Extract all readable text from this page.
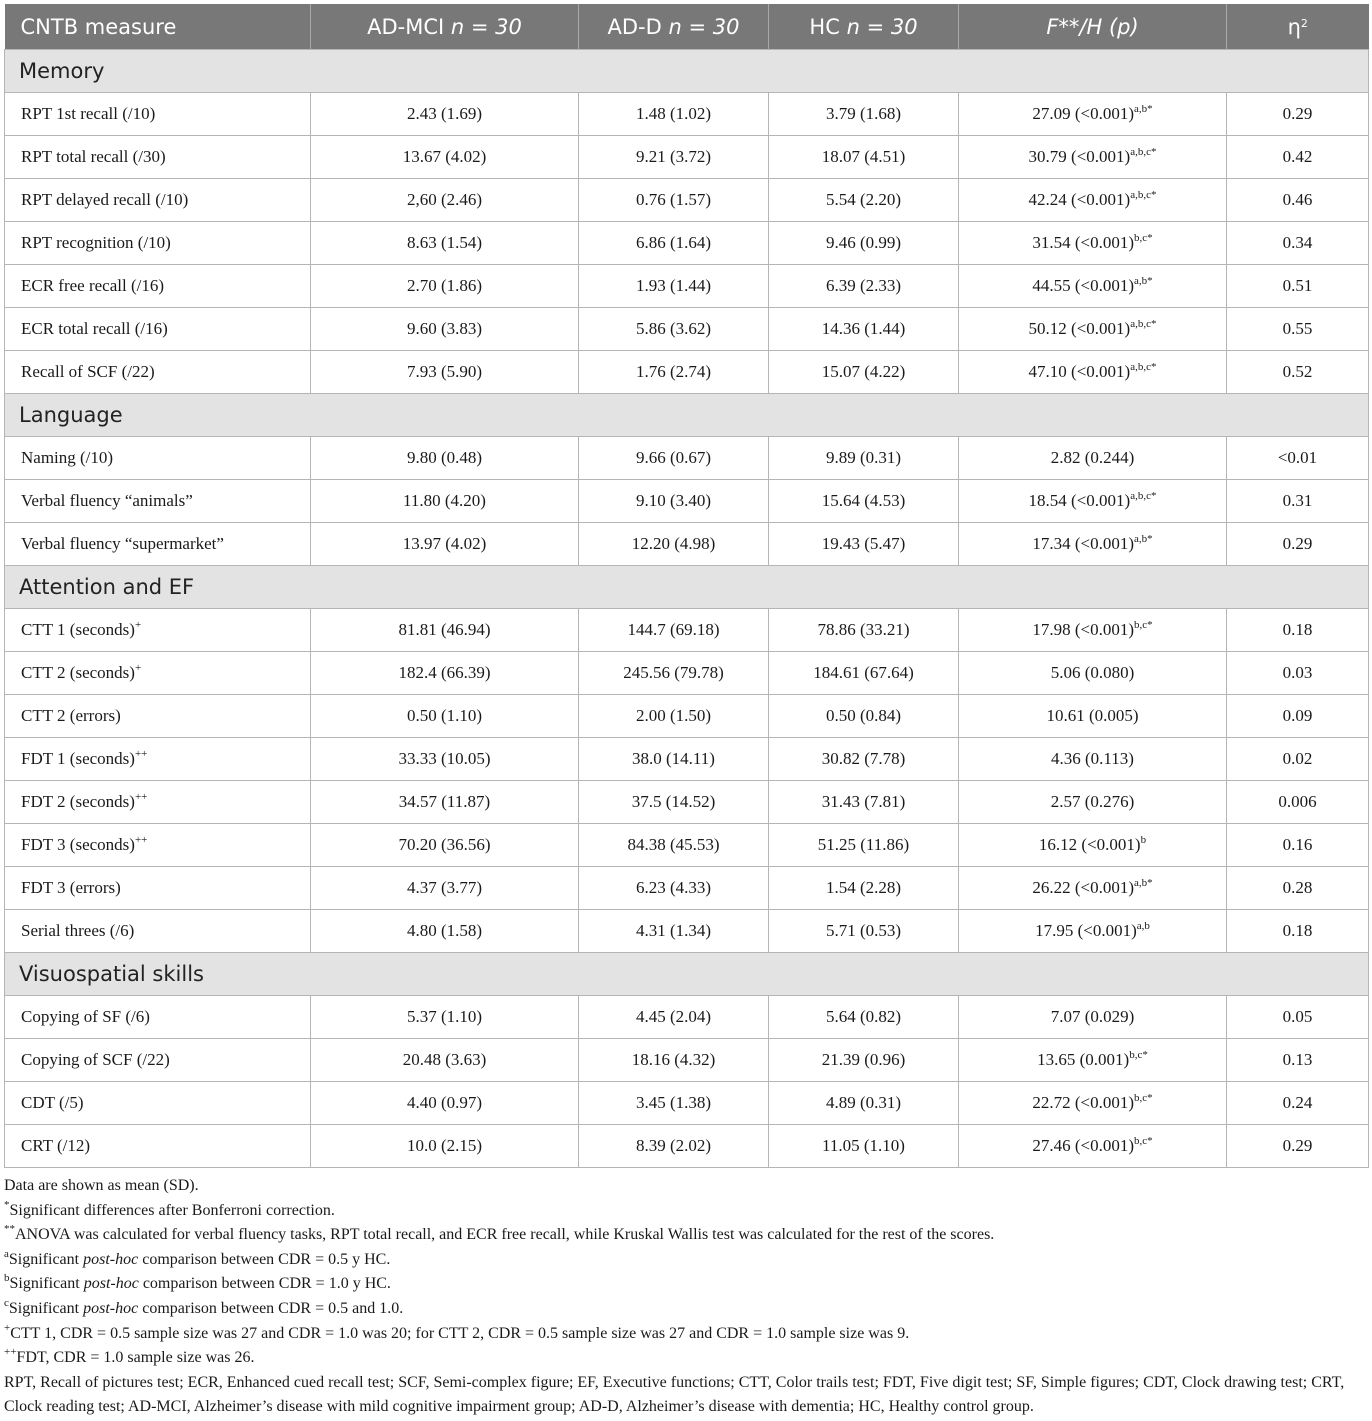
CNTB measure	AD-MCI n = 30	AD-D n = 30	HC n = 30	F**/H (p)	$\eta^2$
Memory					
RPT 1st recall (/10)	2.43 (1.69)	1.48 (1.02)	3.79 (1.68)	27.09 (<0.001)$^{a,b*}$	0.29
RPT total recall (/30)	13.67 (4.02)	9.21 (3.72)	18.07 (4.51)	30.79 (<0.001)$^{a,b,c*}$	0.42
RPT delayed recall (/10)	2,60 (2.46)	0.76 (1.57)	5.54 (2.20)	42.24 (<0.001)$^{a,b,c*}$	0.46
RPT recognition (/10)	8.63 (1.54)	6.86 (1.64)	9.46 (0.99)	31.54 (<0.001)$^{b,c*}$	0.34
ECR free recall (/16)	2.70 (1.86)	1.93 (1.44)	6.39 (2.33)	44.55 (<0.001)$^{a,b*}$	0.51
ECR total recall (/16)	9.60 (3.83)	5.86 (3.62)	14.36 (1.44)	50.12 (<0.001)$^{a,b,c*}$	0.55
Recall of SCF (/22)	7.93 (5.90)	1.76 (2.74)	15.07 (4.22)	47.10 (<0.001)$^{a,b,c*}$	0.52
Language					
Naming (/10)	9.80 (0.48)	9.66 (0.67)	9.89 (0.31)	2.82 (0.244)	<0.01
Verbal fluency “animals”	11.80 (4.20)	9.10 (3.40)	15.64 (4.53)	18.54 (<0.001)$^{a,b,c*}$	0.31
Verbal fluency “supermarket”	13.97 (4.02)	12.20 (4.98)	19.43 (5.47)	17.34 (<0.001)$^{a,b*}$	0.29
Attention and EF					
CTT 1 (seconds)+	81.81 (46.94)	144.7 (69.18)	78.86 (33.21)	17.98 (<0.001)$^{b,c*}$	0.18
CTT 2 (seconds)+	182.4 (66.39)	245.56 (79.78)	184.61 (67.64)	5.06 (0.080)	0.03
CTT 2 (errors)	0.50 (1.10)	2.00 (1.50)	0.50 (0.84)	10.61 (0.005)	0.09
FDT 1 (seconds)++	33.33 (10.05)	38.0 (14.11)	30.82 (7.78)	4.36 (0.113)	0.02
FDT 2 (seconds)++	34.57 (11.87)	37.5 (14.52)	31.43 (7.81)	2.57 (0.276)	0.006
FDT 3 (seconds)++	70.20 (36.56)	84.38 (45.53)	51.25 (11.86)	16.12 (<0.001)$^b$	0.16
FDT 3 (errors)	4.37 (3.77)	6.23 (4.33)	1.54 (2.28)	26.22 (<0.001)$^{a,b*}$	0.28
Serial threes (/6)	4.80 (1.58)	4.31 (1.34)	5.71 (0.53)	17.95 (<0.001)$^{a,b}$	0.18
Visuospatial skills					
Copying of SF (/6)	5.37 (1.10)	4.45 (2.04)	5.64 (0.82)	7.07 (0.029)	0.05
Copying of SCF (/22)	20.48 (3.63)	18.16 (4.32)	21.39 (0.96)	13.65 $(0.001)^{b,c*}$	0.13
CDT (/5)	4.40 (0.97)	3.45 (1.38)	4.89 (0.31)	22.72 (<0.001)$^{b,c*}$	0.24
CRT (/12)	10.0 (2.15)	8.39 (2.02)	11.05 (1.10)	27.46 (<0.001)$^{b,c*}$	0.29
Data are shown as mean (SD).
*Significant differences after Bonferroni correction.
**ANOVA was calculated for verbal fluency tasks, RPT total recall, and ECR free recall, while Kruskal Wallis test was calculated for the rest of the scores.
$^a$Significant post-hoc comparison between CDR = 0.5 y HC.
$^b$Significant post-hoc comparison between CDR = 1.0 y HC.
$^c$Significant post-hoc comparison between CDR = 0.5 and 1.0.
+CTT 1, CDR = 0.5 sample size was 27 and CDR = 1.0 was 20; for CTT 2, CDR = 0.5 sample size was 27 and CDR = 1.0 sample size was 9.
++FDT, CDR = 1.0 sample size was 26.
RPT, Recall of pictures test; ECR, Enhanced cued recall test; SCF, Semi-complex figure; EF, Executive functions; CTT, Color trails test; FDT, Five digit test; SF, Simple figures; CDT, Clock drawing test; CRT, Clock reading test; AD-MCI, Alzheimer’s disease with mild cognitive impairment group; AD-D, Alzheimer’s disease with dementia; HC, Healthy control group.
